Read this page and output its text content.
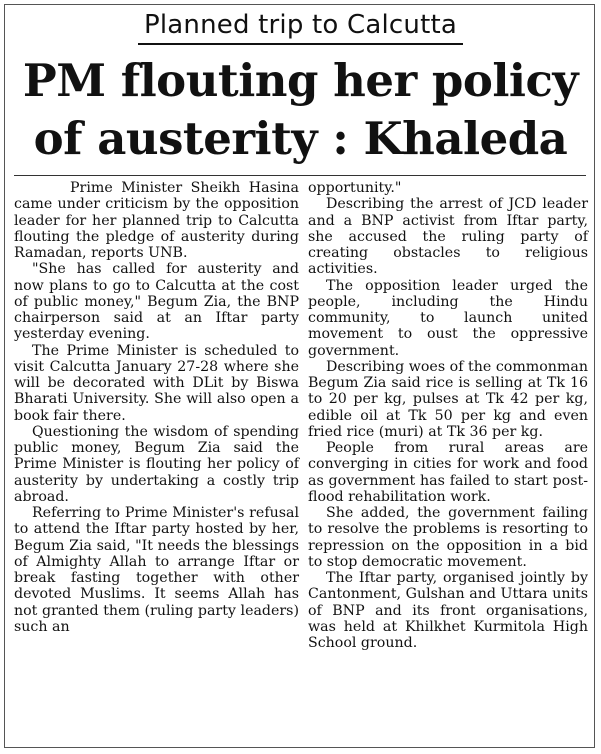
Planned trip to Calcutta
PM flouting her policy
of austerity : Khaleda

Prime Minister Sheikh Hasina came under criticism by the opposition leader for her planned trip to Calcutta flouting the pledge of austerity during Ramadan, reports UNB.

"She has called for austerity and now plans to go to Calcutta at the cost of public money," Begum Zia, the BNP chairperson said at an Iftar party yesterday evening.

The Prime Minister is scheduled to visit Calcutta January 27-28 where she will be decorated with DLit by Biswa Bharati University. She will also open a book fair there.

Questioning the wisdom of spending public money, Begum Zia said the Prime Minister is flouting her policy of austerity by undertaking a costly trip abroad.

Referring to Prime Minister's refusal to attend the Iftar party hosted by her, Begum Zia said, "It needs the blessings of Almighty Allah to arrange Iftar or break fasting together with other devoted Muslims. It seems Allah has not granted them (ruling party leaders) such an

opportunity."

Describing the arrest of JCD leader and a BNP activist from Iftar party, she accused the ruling party of creating obstacles to religious activities.

The opposition leader urged the people, including the Hindu community, to launch united movement to oust the oppressive government.

Describing woes of the commonman Begum Zia said rice is selling at Tk 16 to 20 per kg, pulses at Tk 42 per kg, edible oil at Tk 50 per kg and even fried rice (muri) at Tk 36 per kg.

People from rural areas are converging in cities for work and food as government has failed to start post-flood rehabilitation work.

She added, the government failing to resolve the problems is resorting to repression on the opposition in a bid to stop democratic movement.

The Iftar party, organised jointly by Cantonment, Gulshan and Uttara units of BNP and its front organisations, was held at Khilkhet Kurmitola High School ground.
